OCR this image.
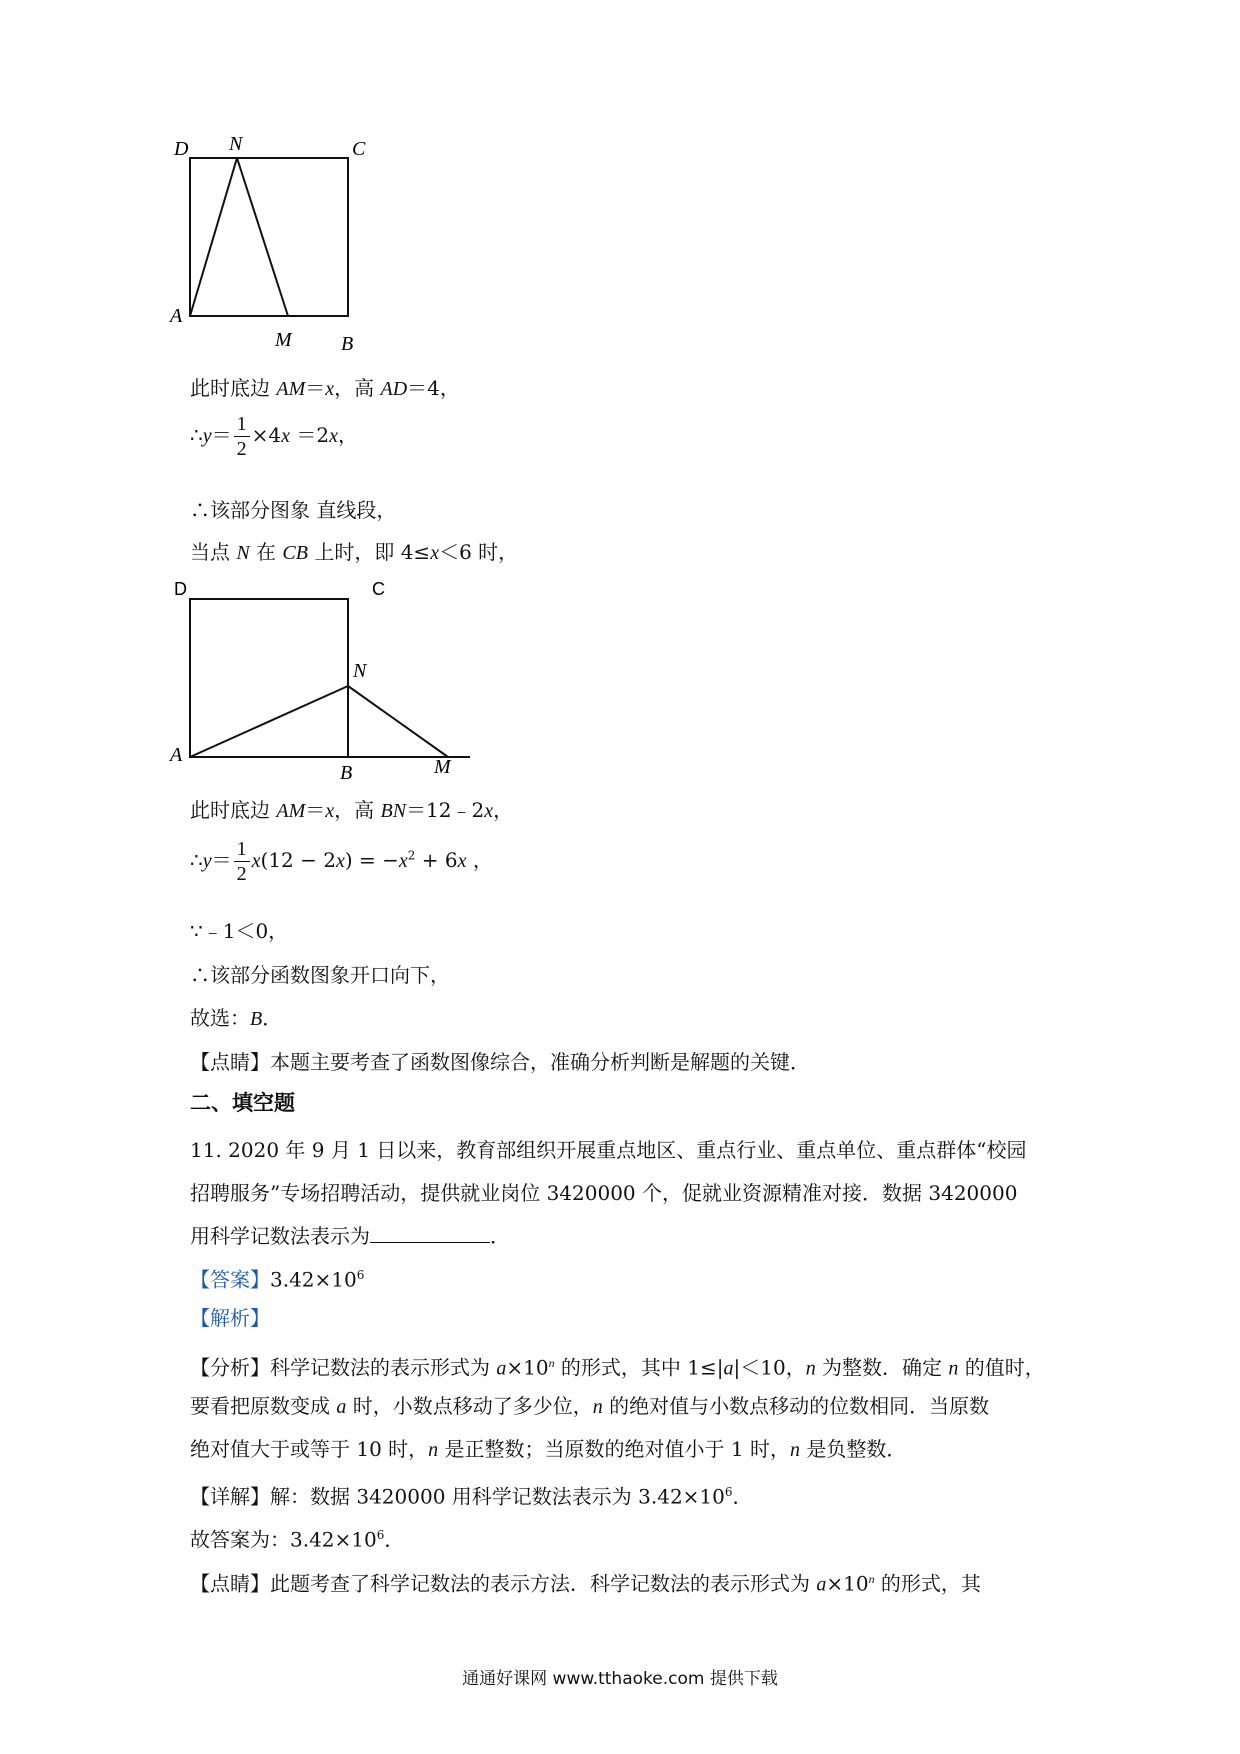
D N	C
A
M B
此时底边 AM＝x，高 AD＝4，
∴y＝ $\frac{1}{2} \times 4x =2x$，
∴该部分图象 直线段，
当点 N 在 CB 上时，即 4≤x＜6 时，
D	C
N
A
B	M
此时底边 AM＝x，高 BN＝12﹣2x，
∴y＝ $\frac{1}{2} x(12 - 2x) = -x^2 + 6x$ ，
∵﹣1＜0，
∴该部分函数图象开口向下，
故选：B．
【点睛】本题主要考查了函数图像综合，准确分析判断是解题的关键．
二、填空题
11. 2020 年 9 月 1 日以来，教育部组织开展重点地区、重点行业、重点单位、重点群体“校园
招聘服务”专场招聘活动，提供就业岗位 3420000 个，促就业资源精准对接．数据 3420000
用科学记数法表示为	．
【答案】$3.42\times 10^6$
【解析】
【分析】科学记数法的表示形式为 $a\times 10^n$ 的形式，其中 1≤|a|＜10，n 为整数．确定 n 的值时，
要看把原数变成 a 时，小数点移动了多少位，n 的绝对值与小数点移动的位数相同．当原数
绝对值大于或等于 10 时，n 是正整数；当原数的绝对值小于 1 时，n 是负整数．
【详解】解：数据 3420000 用科学记数法表示为 $3.42\times 10^6$．
故答案为：$3.42\times 10^6$．
【点睛】此题考查了科学记数法的表示方法．科学记数法的表示形式为 $a\times 10^n$ 的形式，其
通通好课网 www.tthaoke.com 提供下载
